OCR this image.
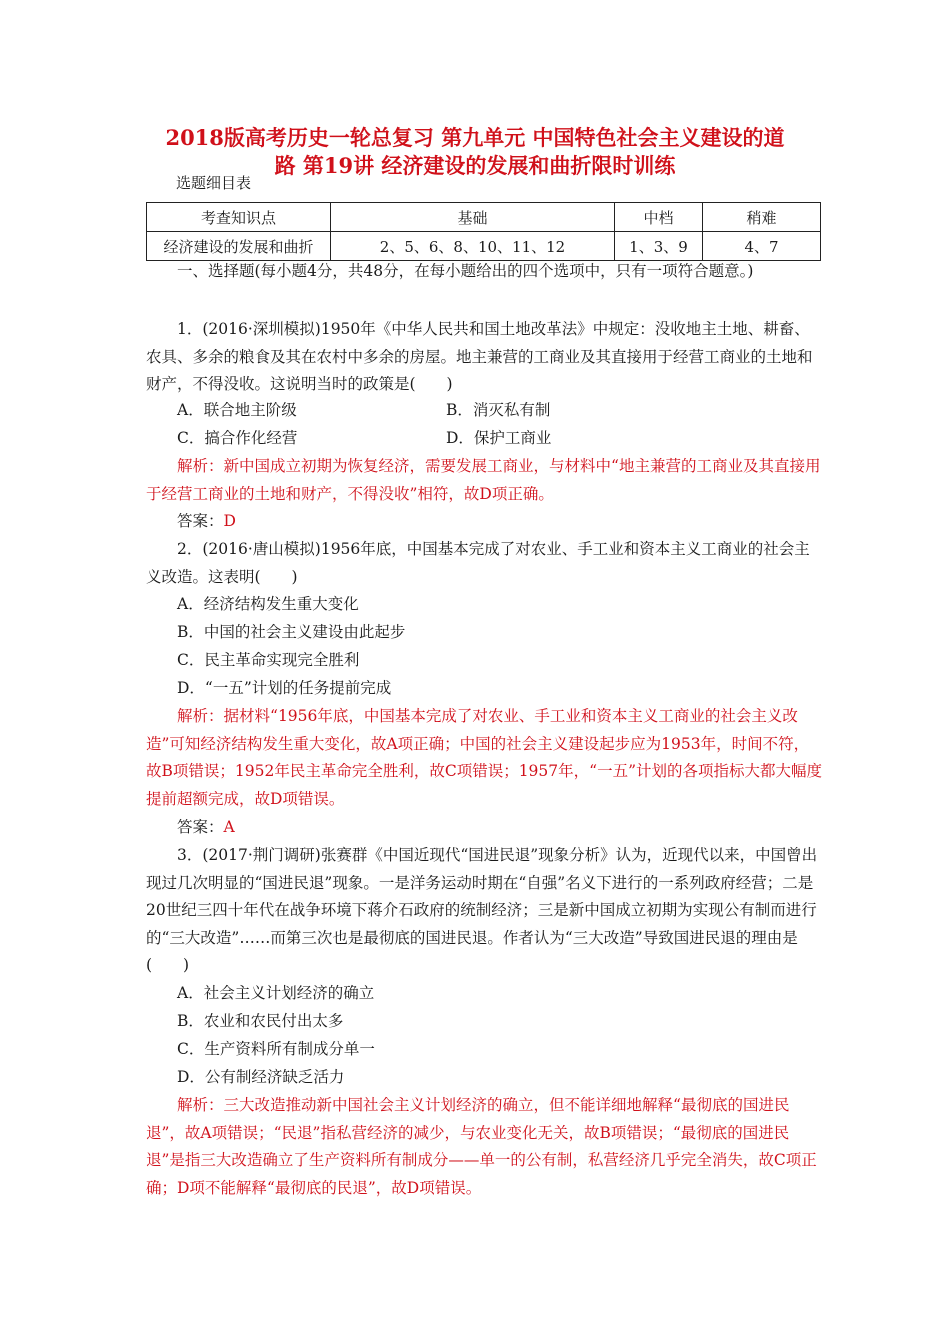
2018版高考历史一轮总复习 第九单元 中国特色社会主义建设的道
路 第19讲 经济建设的发展和曲折限时训练
选题细目表
考查知识点	基础	中档	稍难
经济建设的发展和曲折	2、5、6、8、10、11、12	1、3、9	4、7

一、选择题(每小题4分，共48分，在每小题给出的四个选项中，只有一项符合题意。)

1．(2016·深圳模拟)1950年《中华人民共和国土地改革法》中规定：没收地主土地、耕畜、农具、多余的粮食及其在农村中多余的房屋。地主兼营的工商业及其直接用于经营工商业的土地和财产，不得没收。这说明当时的政策是(　　)

A．联合地主阶级	B．消灭私有制
C．搞合作化经营	D．保护工商业

解析：新中国成立初期为恢复经济，需要发展工商业，与材料中“地主兼营的工商业及其直接用于经营工商业的土地和财产，不得没收”相符，故D项正确。

答案：D

2．(2016·唐山模拟)1956年底，中国基本完成了对农业、手工业和资本主义工商业的社会主义改造。这表明(　　)

A．经济结构发生重大变化
B．中国的社会主义建设由此起步
C．民主革命实现完全胜利
D．“一五”计划的任务提前完成

解析：据材料“1956年底，中国基本完成了对农业、手工业和资本主义工商业的社会主义改造”可知经济结构发生重大变化，故A项正确；中国的社会主义建设起步应为1953年，时间不符，故B项错误；1952年民主革命完全胜利，故C项错误；1957年，“一五”计划的各项指标大都大幅度提前超额完成，故D项错误。

答案：A

3．(2017·荆门调研)张赛群《中国近现代“国进民退”现象分析》认为，近现代以来，中国曾出现过几次明显的“国进民退”现象。一是洋务运动时期在“自强”名义下进行的一系列政府经营；二是20世纪三四十年代在战争环境下蒋介石政府的统制经济；三是新中国成立初期为实现公有制而进行的“三大改造”……而第三次也是最彻底的国进民退。作者认为“三大改造”导致国进民退的理由是(　　)

A．社会主义计划经济的确立
B．农业和农民付出太多
C．生产资料所有制成分单一
D．公有制经济缺乏活力

解析：三大改造推动新中国社会主义计划经济的确立，但不能详细地解释“最彻底的国进民退”，故A项错误；“民退”指私营经济的减少，与农业变化无关，故B项错误；“最彻底的国进民退”是指三大改造确立了生产资料所有制成分——单一的公有制，私营经济几乎完全消失，故C项正确；D项不能解释“最彻底的民退”，故D项错误。
